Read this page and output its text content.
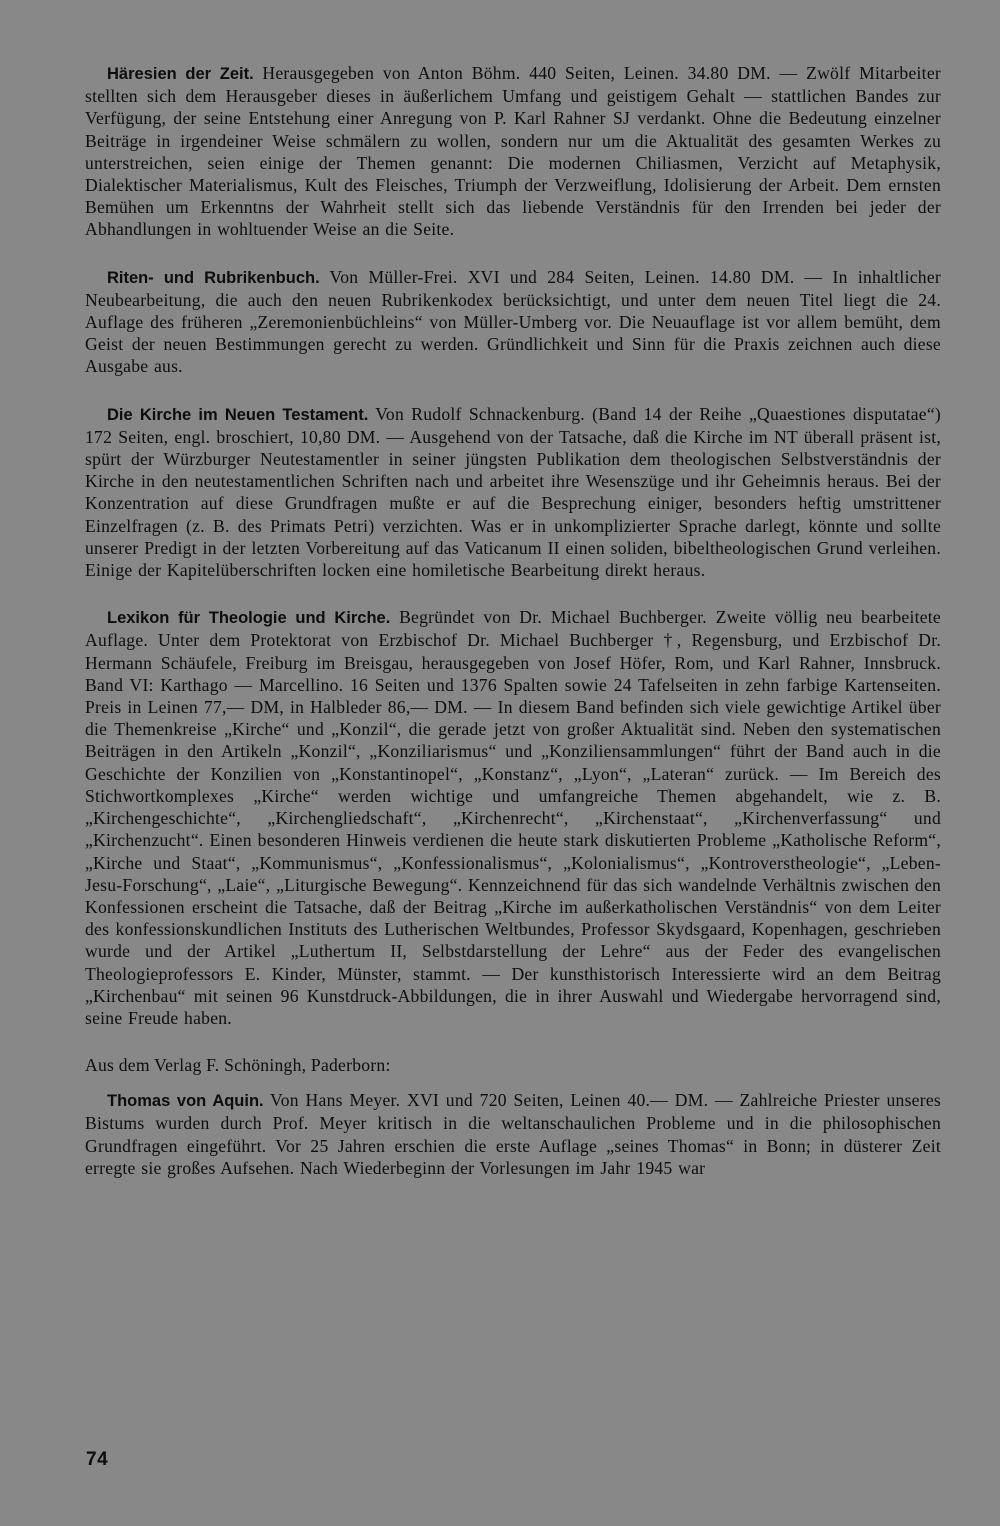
Häresien der Zeit. Herausgegeben von Anton Böhm. 440 Seiten, Leinen. 34.80 DM. — Zwölf Mitarbeiter stellten sich dem Herausgeber dieses in äußerlichem Umfang und geistigem Gehalt — stattlichen Bandes zur Verfügung, der seine Entstehung einer Anregung von P. Karl Rahner SJ verdankt. Ohne die Bedeutung einzelner Beiträge in irgendeiner Weise schmälern zu wollen, sondern nur um die Aktualität des gesamten Werkes zu unterstreichen, seien einige der Themen genannt: Die modernen Chiliasmen, Verzicht auf Metaphysik, Dialektischer Materialismus, Kult des Fleisches, Triumph der Verzweiflung, Idolisierung der Arbeit. Dem ernsten Bemühen um Erkenntns der Wahrheit stellt sich das liebende Verständnis für den Irrenden bei jeder der Abhandlungen in wohltuender Weise an die Seite.

Riten- und Rubrikenbuch. Von Müller-Frei. XVI und 284 Seiten, Leinen. 14.80 DM. — In inhaltlicher Neubearbeitung, die auch den neuen Rubrikenkodex berücksichtigt, und unter dem neuen Titel liegt die 24. Auflage des früheren „Zeremonienbüchleins“ von Müller-Umberg vor. Die Neuauflage ist vor allem bemüht, dem Geist der neuen Bestimmungen gerecht zu werden. Gründlichkeit und Sinn für die Praxis zeichnen auch diese Ausgabe aus.

Die Kirche im Neuen Testament. Von Rudolf Schnackenburg. (Band 14 der Reihe „Quaestiones disputatae“) 172 Seiten, engl. broschiert, 10,80 DM. — Ausgehend von der Tatsache, daß die Kirche im NT überall präsent ist, spürt der Würzburger Neutestamentler in seiner jüngsten Publikation dem theologischen Selbstverständnis der Kirche in den neutestamentlichen Schriften nach und arbeitet ihre Wesenszüge und ihr Geheimnis heraus. Bei der Konzentration auf diese Grundfragen mußte er auf die Besprechung einiger, besonders heftig umstrittener Einzelfragen (z. B. des Primats Petri) verzichten. Was er in unkomplizierter Sprache darlegt, könnte und sollte unserer Predigt in der letzten Vorbereitung auf das Vaticanum II einen soliden, bibeltheologischen Grund verleihen. Einige der Kapitelüberschriften locken eine homiletische Bearbeitung direkt heraus.

Lexikon für Theologie und Kirche. Begründet von Dr. Michael Buchberger. Zweite völlig neu bearbeitete Auflage. Unter dem Protektorat von Erzbischof Dr. Michael Buchberger †, Regensburg, und Erzbischof Dr. Hermann Schäufele, Freiburg im Breisgau, herausgegeben von Josef Höfer, Rom, und Karl Rahner, Innsbruck. Band VI: Karthago — Marcellino. 16 Seiten und 1376 Spalten sowie 24 Tafelseiten in zehn farbige Kartenseiten. Preis in Leinen 77,— DM, in Halbleder 86,— DM. — In diesem Band befinden sich viele gewichtige Artikel über die Themenkreise „Kirche“ und „Konzil“, die gerade jetzt von großer Aktualität sind. Neben den systematischen Beiträgen in den Artikeln „Konzil“, „Konziliarismus“ und „Konziliensammlungen“ führt der Band auch in die Geschichte der Konzilien von „Konstantinopel“, „Konstanz“, „Lyon“, „Lateran“ zurück. — Im Bereich des Stichwortkomplexes „Kirche“ werden wichtige und umfangreiche Themen abgehandelt, wie z. B. „Kirchengeschichte“, „Kirchengliedschaft“, „Kirchenrecht“, „Kirchenstaat“, „Kirchenverfassung“ und „Kirchenzucht“. Einen besonderen Hinweis verdienen die heute stark diskutierten Probleme „Katholische Reform“, „Kirche und Staat“, „Kommunismus“, „Konfessionalismus“, „Kolonialismus“, „Kontroverstheologie“, „Leben-Jesu-Forschung“, „Laie“, „Liturgische Bewegung“. Kennzeichnend für das sich wandelnde Verhältnis zwischen den Konfessionen erscheint die Tatsache, daß der Beitrag „Kirche im außerkatholischen Verständnis“ von dem Leiter des konfessionskundlichen Instituts des Lutherischen Weltbundes, Professor Skydsgaard, Kopenhagen, geschrieben wurde und der Artikel „Luthertum II, Selbstdarstellung der Lehre“ aus der Feder des evangelischen Theologieprofessors E. Kinder, Münster, stammt. — Der kunsthistorisch Interessierte wird an dem Beitrag „Kirchenbau“ mit seinen 96 Kunstdruck-Abbildungen, die in ihrer Auswahl und Wiedergabe hervorragend sind, seine Freude haben.

Aus dem Verlag F. Schöningh, Paderborn:

Thomas von Aquin. Von Hans Meyer. XVI und 720 Seiten, Leinen 40.— DM. — Zahlreiche Priester unseres Bistums wurden durch Prof. Meyer kritisch in die weltanschaulichen Probleme und in die philosophischen Grundfragen eingeführt. Vor 25 Jahren erschien die erste Auflage „seines Thomas“ in Bonn; in düsterer Zeit erregte sie großes Aufsehen. Nach Wiederbeginn der Vorlesungen im Jahr 1945 war

74
